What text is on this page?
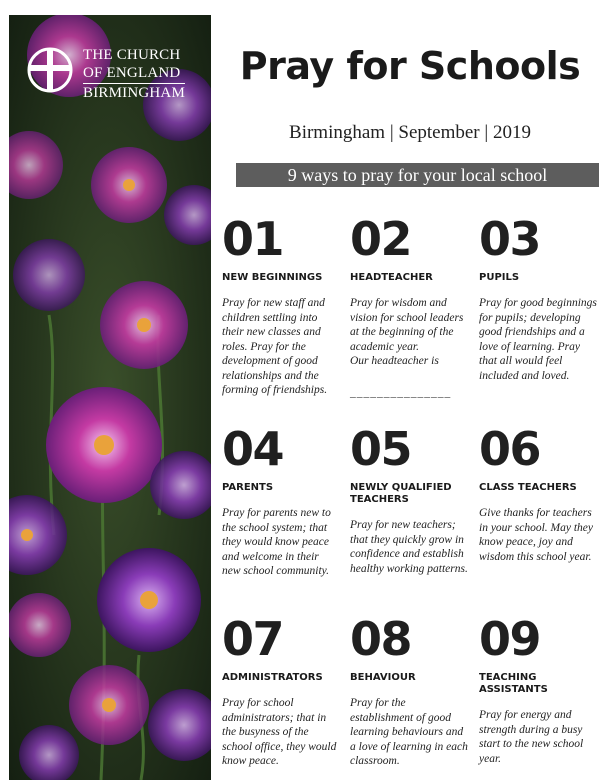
THE CHURCH
OF ENGLAND
BIRMINGHAM
Pray for Schools
Birmingham | September | 2019
9 ways to pray for your local school
01
NEW BEGINNINGS
Pray for new staff and children settling into their new classes and roles. Pray for the development of good relationships and the forming of friendships.
02
HEADTEACHER
Pray for wisdom and vision for school leaders at the beginning of the academic year.
Our headteacher is
_______________
03
PUPILS
Pray for good beginnings for pupils; developing good friendships and a love of learning. Pray that all would feel included and loved.
04
PARENTS
Pray for parents new to the school system; that they would know peace and welcome in their new school community.
05
NEWLY QUALIFIED TEACHERS
Pray for new teachers; that they quickly grow in confidence and establish healthy working patterns.
06
CLASS TEACHERS
Give thanks for teachers in your school. May they know peace, joy and wisdom this school year.
07
ADMINISTRATORS
Pray for school administrators; that in the busyness of the school office, they would know peace.
08
BEHAVIOUR
Pray for the establishment of good learning behaviours and a love of learning in each classroom.
09
TEACHING ASSISTANTS
Pray for energy and strength during a busy start to the new school year.
